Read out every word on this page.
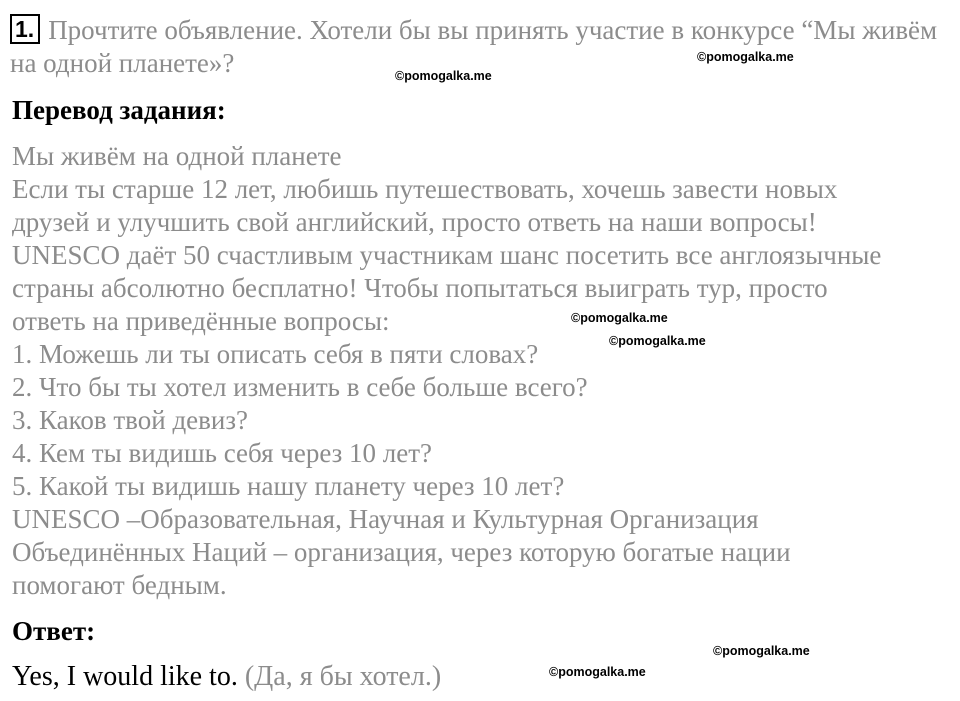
1. Прочтите объявление. Хотели бы вы принять участие в конкурсе “Мы живём на одной планете»?
Перевод задания:
Мы живём на одной планете
Если ты старше 12 лет, любишь путешествовать, хочешь завести новых
друзей и улучшить свой английский, просто ответь на наши вопросы!
UNESCO даёт 50 счастливым участникам шанс посетить все англоязычные
страны абсолютно бесплатно! Чтобы попытаться выиграть тур, просто
ответь на приведённые вопросы:
1. Можешь ли ты описать себя в пяти словах?
2. Что бы ты хотел изменить в себе больше всего?
3. Каков твой девиз?
4. Кем ты видишь себя через 10 лет?
5. Какой ты видишь нашу планету через 10 лет?
UNESCO –Образовательная, Научная и Культурная Организация
Объединённых Наций – организация, через которую богатые нации
помогают бедным.
Ответ:
Yes, I would like to. (Да, я бы хотел.)
©pomogalka.me
©pomogalka.me
©pomogalka.me
©pomogalka.me
©pomogalka.me
©pomogalka.me
